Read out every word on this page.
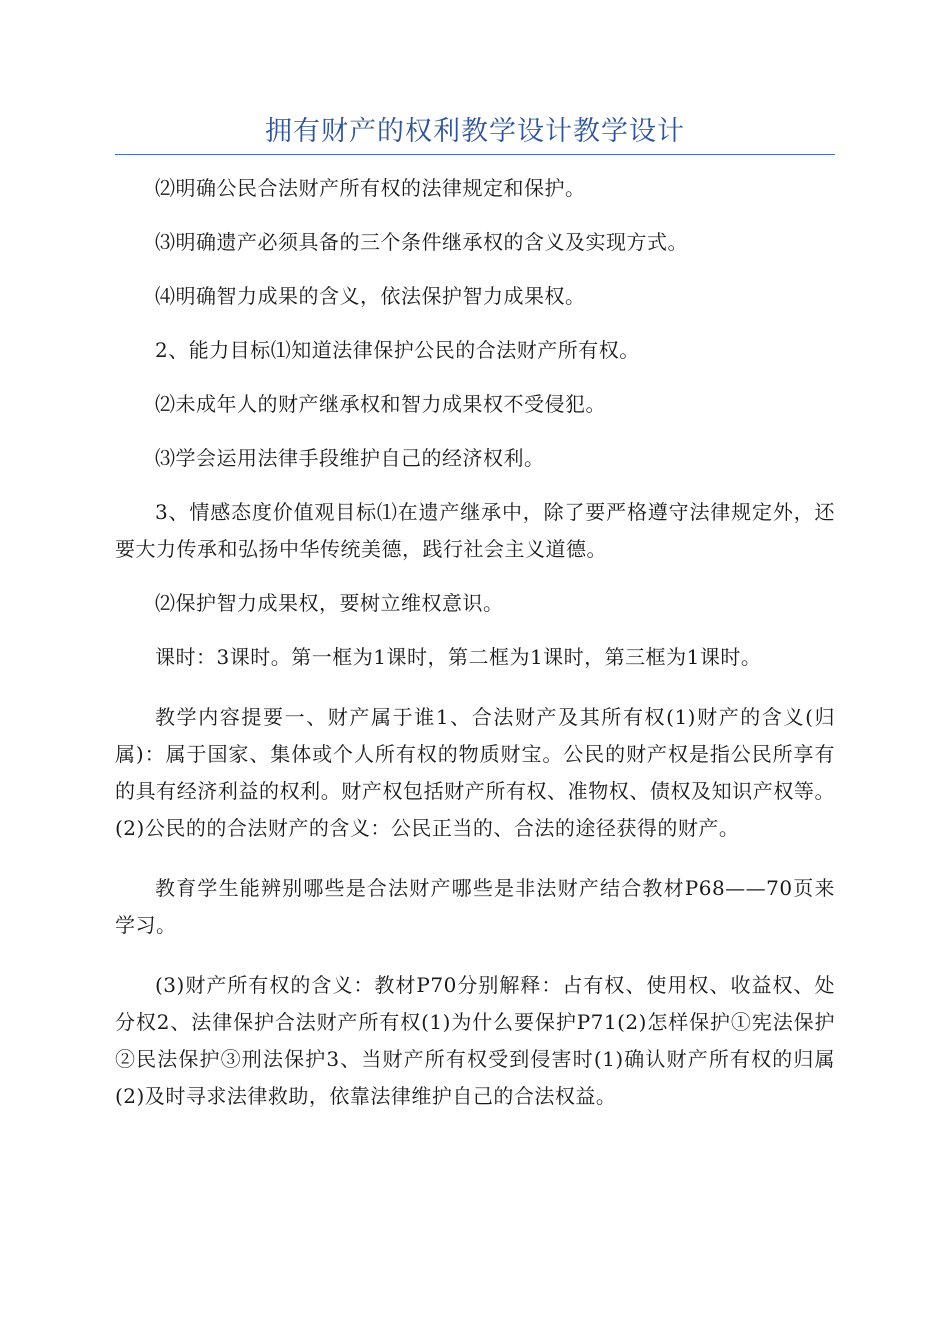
拥有财产的权利教学设计教学设计

⑵明确公民合法财产所有权的法律规定和保护。

⑶明确遗产必须具备的三个条件继承权的含义及实现方式。

⑷明确智力成果的含义，依法保护智力成果权。

2、能力目标⑴知道法律保护公民的合法财产所有权。

⑵未成年人的财产继承权和智力成果权不受侵犯。

⑶学会运用法律手段维护自己的经济权利。

3、情感态度价值观目标⑴在遗产继承中，除了要严格遵守法律规定外，还要大力传承和弘扬中华传统美德，践行社会主义道德。

⑵保护智力成果权，要树立维权意识。

课时：3课时。第一框为1课时，第二框为1课时，第三框为1课时。

教学内容提要一、财产属于谁1、合法财产及其所有权(1)财产的含义(归属)：属于国家、集体或个人所有权的物质财宝。公民的财产权是指公民所享有的具有经济利益的权利。财产权包括财产所有权、准物权、债权及知识产权等。(2)公民的的合法财产的含义：公民正当的、合法的途径获得的财产。

教育学生能辨别哪些是合法财产哪些是非法财产结合教材P68——70页来学习。

(3)财产所有权的含义：教材P70分别解释：占有权、使用权、收益权、处分权2、法律保护合法财产所有权(1)为什么要保护P71(2)怎样保护①宪法保护②民法保护③刑法保护3、当财产所有权受到侵害时(1)确认财产所有权的归属(2)及时寻求法律救助，依靠法律维护自己的合法权益。
